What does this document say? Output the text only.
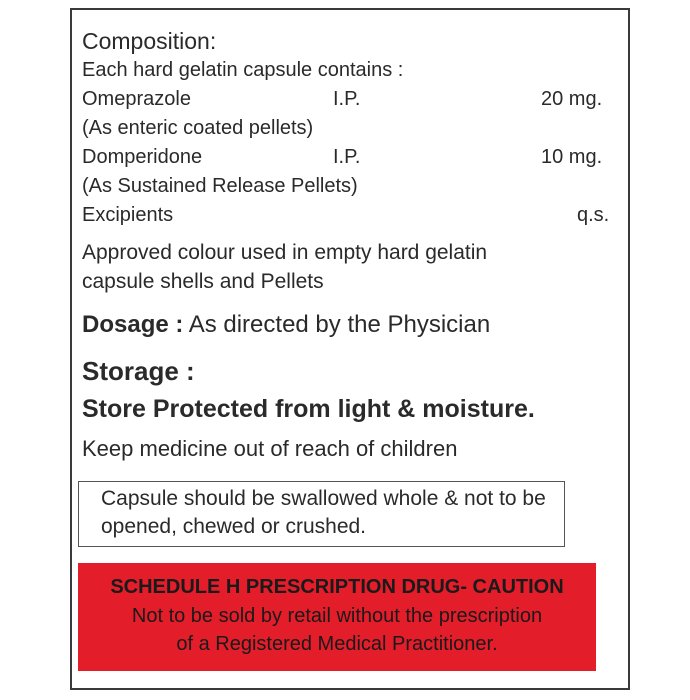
Composition:
Each hard gelatin capsule contains :
Omeprazole	I.P.	20 mg.
(As enteric coated pellets)
Domperidone	I.P.	10 mg.
(As Sustained Release Pellets)
Excipients	q.s.
Approved colour used in empty hard gelatin
capsule shells and Pellets
Dosage : As directed by the Physician
Storage :
Store Protected from light & moisture.
Keep medicine out of reach of children
Capsule should be swallowed whole & not to be
opened, chewed or crushed.
SCHEDULE H PRESCRIPTION DRUG- CAUTION
Not to be sold by retail without the prescription
of a Registered Medical Practitioner.
